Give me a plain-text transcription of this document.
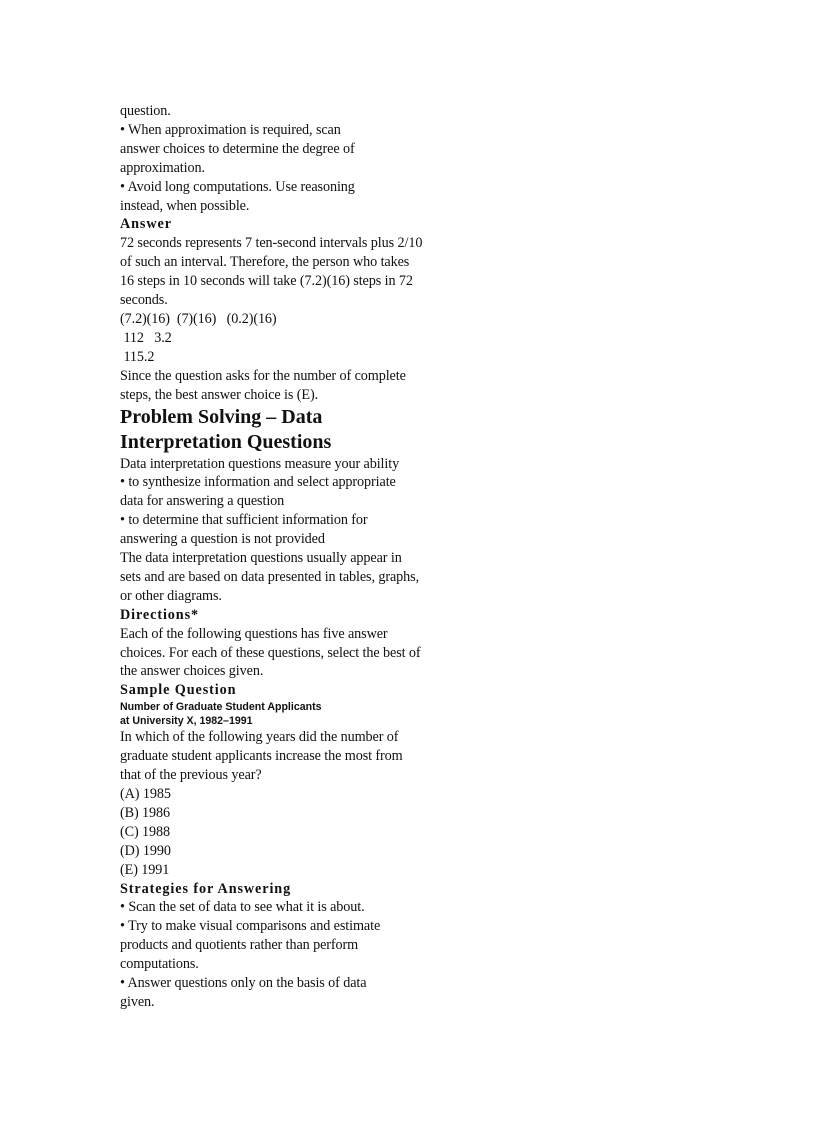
question.
• When approximation is required, scan
answer choices to determine the degree of
approximation.
• Avoid long computations. Use reasoning
instead, when possible.
Answer
72 seconds represents 7 ten-second intervals plus 2/10
of such an interval. Therefore, the person who takes
16 steps in 10 seconds will take (7.2)(16) steps in 72
seconds.
(7.2)(16)  (7)(16)   (0.2)(16)
112   3.2
115.2
Since the question asks for the number of complete
steps, the best answer choice is (E).
Problem Solving – Data
Interpretation Questions
Data interpretation questions measure your ability
• to synthesize information and select appropriate
data for answering a question
• to determine that sufficient information for
answering a question is not provided
The data interpretation questions usually appear in
sets and are based on data presented in tables, graphs,
or other diagrams.
Directions*
Each of the following questions has five answer
choices. For each of these questions, select the best of
the answer choices given.
Sample Question
Number of Graduate Student Applicants
at University X, 1982–1991
In which of the following years did the number of
graduate student applicants increase the most from
that of the previous year?
(A) 1985
(B) 1986
(C) 1988
(D) 1990
(E) 1991
Strategies for Answering
• Scan the set of data to see what it is about.
• Try to make visual comparisons and estimate
products and quotients rather than perform
computations.
• Answer questions only on the basis of data
given.
